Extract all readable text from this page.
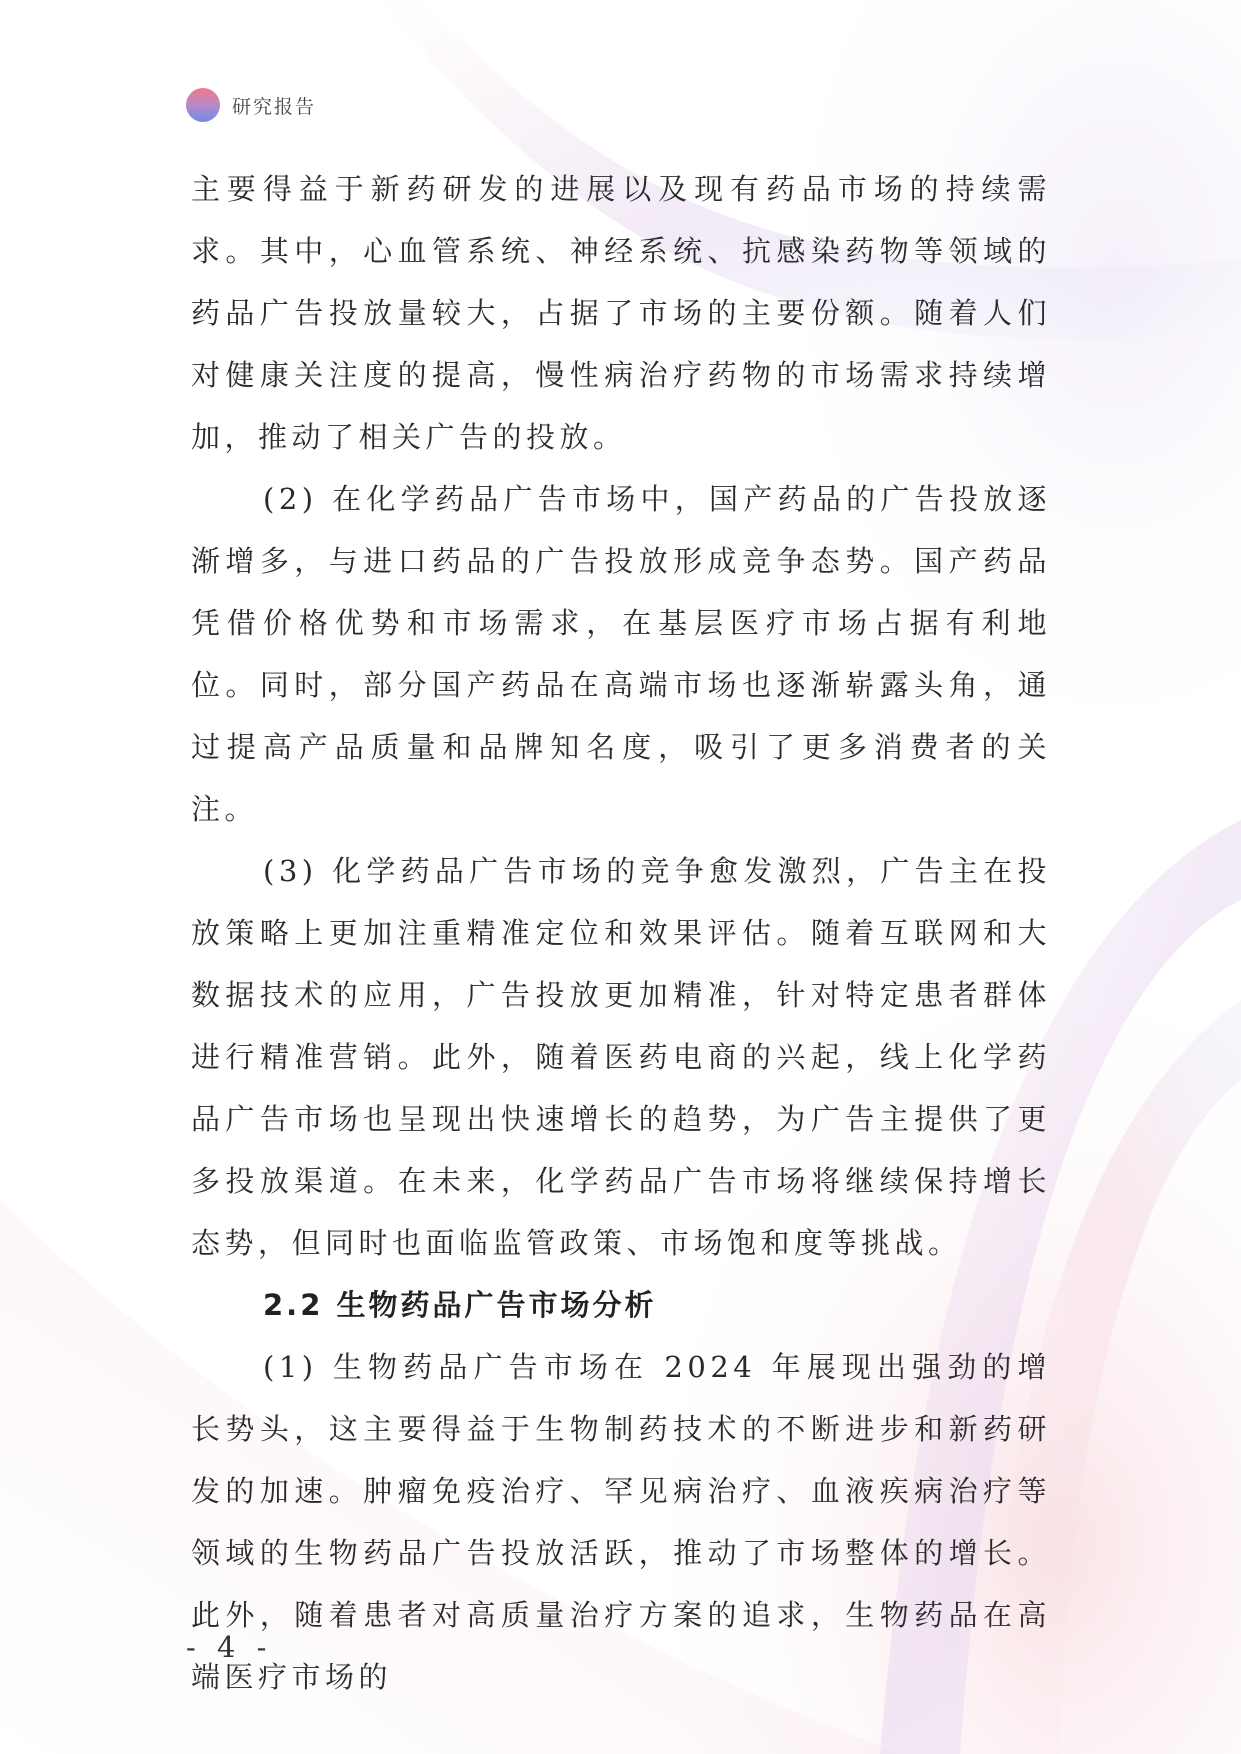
研究报告

主要得益于新药研发的进展以及现有药品市场的持续需求。其中，心血管系统、神经系统、抗感染药物等领域的药品广告投放量较大，占据了市场的主要份额。随着人们对健康关注度的提高，慢性病治疗药物的市场需求持续增加，推动了相关广告的投放。

(2) 在化学药品广告市场中，国产药品的广告投放逐渐增多，与进口药品的广告投放形成竞争态势。国产药品凭借价格优势和市场需求，在基层医疗市场占据有利地位。同时，部分国产药品在高端市场也逐渐崭露头角，通过提高产品质量和品牌知名度，吸引了更多消费者的关注。

(3) 化学药品广告市场的竞争愈发激烈，广告主在投放策略上更加注重精准定位和效果评估。随着互联网和大数据技术的应用，广告投放更加精准，针对特定患者群体进行精准营销。此外，随着医药电商的兴起，线上化学药品广告市场也呈现出快速增长的趋势，为广告主提供了更多投放渠道。在未来，化学药品广告市场将继续保持增长态势，但同时也面临监管政策、市场饱和度等挑战。

2.2 生物药品广告市场分析

(1) 生物药品广告市场在 2024 年展现出强劲的增长势头，这主要得益于生物制药技术的不断进步和新药研发的加速。肿瘤免疫治疗、罕见病治疗、血液疾病治疗等领域的生物药品广告投放活跃，推动了市场整体的增长。此外，随着患者对高质量治疗方案的追求，生物药品在高端医疗市场的

- 4 -
